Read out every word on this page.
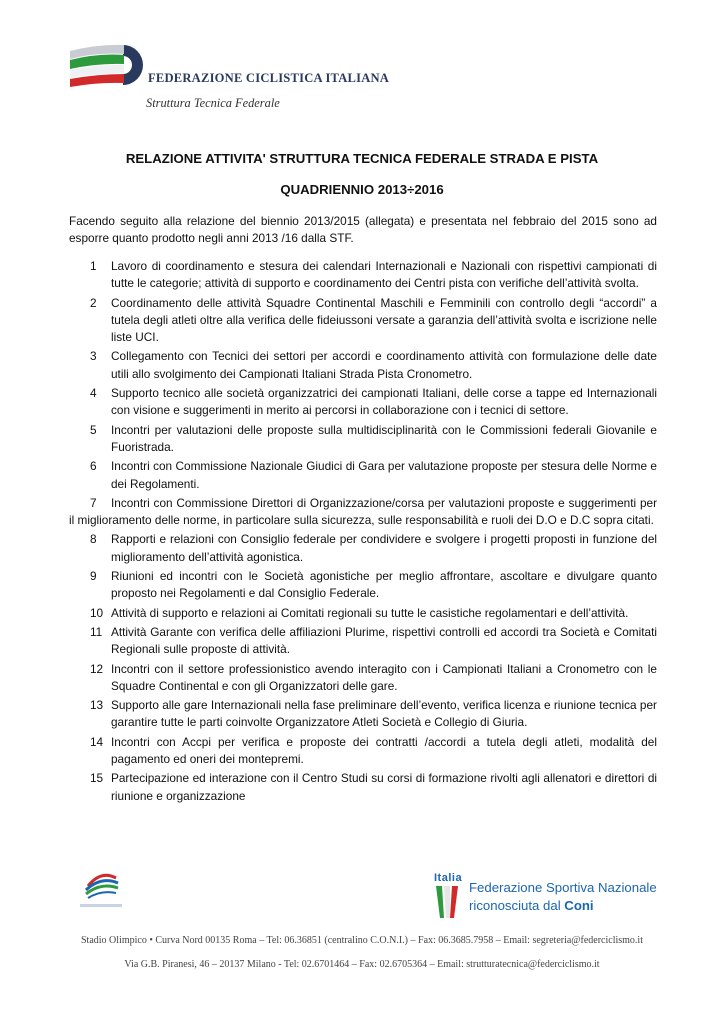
FEDERAZIONE CICLISTICA ITALIANA
Struttura Tecnica Federale
RELAZIONE ATTIVITA' STRUTTURA TECNICA FEDERALE STRADA E PISTA
QUADRIENNIO 2013÷2016

Facendo seguito alla relazione del biennio 2013/2015 (allegata) e presentata nel febbraio del 2015 sono ad esporre quanto prodotto negli anni 2013 /16 dalla STF.

1	Lavoro di coordinamento e stesura dei calendari Internazionali e Nazionali con rispettivi campionati di tutte le categorie; attività di supporto e coordinamento dei Centri pista con verifiche dell’attività svolta.
2	Coordinamento delle attività Squadre Continental Maschili e Femminili con controllo degli “accordi” a tutela degli atleti oltre alla verifica delle fideiussoni versate a garanzia dell’attività svolta e iscrizione nelle liste UCI.
3	Collegamento con Tecnici dei settori per accordi e coordinamento attività con formulazione delle date utili allo svolgimento dei Campionati Italiani Strada Pista Cronometro.
4	Supporto tecnico alle società organizzatrici dei campionati Italiani, delle corse a tappe ed Internazionali con visione e suggerimenti in merito ai percorsi in collaborazione con i tecnici di settore.
5	Incontri per valutazioni delle proposte sulla multidisciplinarità con le Commissioni federali Giovanile e Fuoristrada.
6	Incontri con Commissione Nazionale Giudici di Gara per valutazione proposte per stesura delle Norme e dei Regolamenti.
7	Incontri con Commissione Direttori di Organizzazione/corsa per valutazioni proposte e suggerimenti per il miglioramento delle norme, in particolare sulla sicurezza, sulle responsabilità e ruoli dei D.O e D.C sopra citati.
8	Rapporti e relazioni con Consiglio federale per condividere e svolgere i progetti proposti in funzione del miglioramento dell’attività agonistica.
9	Riunioni ed incontri con le Società agonistiche per meglio affrontare, ascoltare e divulgare quanto proposto nei Regolamenti e dal Consiglio Federale.
10 Attività di supporto e relazioni ai Comitati regionali su tutte le casistiche regolamentari e dell’attività.
11 Attività Garante con verifica delle affiliazioni Plurime, rispettivi controlli ed accordi tra Società e Comitati Regionali sulle proposte di attività.
12 Incontri con il settore professionistico avendo interagito con i Campionati Italiani a Cronometro con le Squadre Continental e con gli Organizzatori delle gare.
13 Supporto alle gare Internazionali nella fase preliminare dell’evento, verifica licenza e riunione tecnica per garantire tutte le parti coinvolte Organizzatore Atleti Società e Collegio di Giuria.
14 Incontri con Accpi per verifica e proposte dei contratti /accordi a tutela degli atleti, modalità del pagamento ed oneri dei montepremi.
15 Partecipazione ed interazione con il Centro Studi su corsi di formazione rivolti agli allenatori e direttori di riunione e organizzazione
Italia
Federazione Sportiva Nazionale
riconosciuta dal Coni
Stadio Olimpico • Curva Nord 00135 Roma – Tel: 06.36851 (centralino C.O.N.I.) – Fax: 06.3685.7958 – Email: segreteria@federciclismo.it
Via G.B. Piranesi, 46 – 20137 Milano - Tel: 02.6701464 – Fax: 02.6705364 – Email: strutturatecnica@federciclismo.it
